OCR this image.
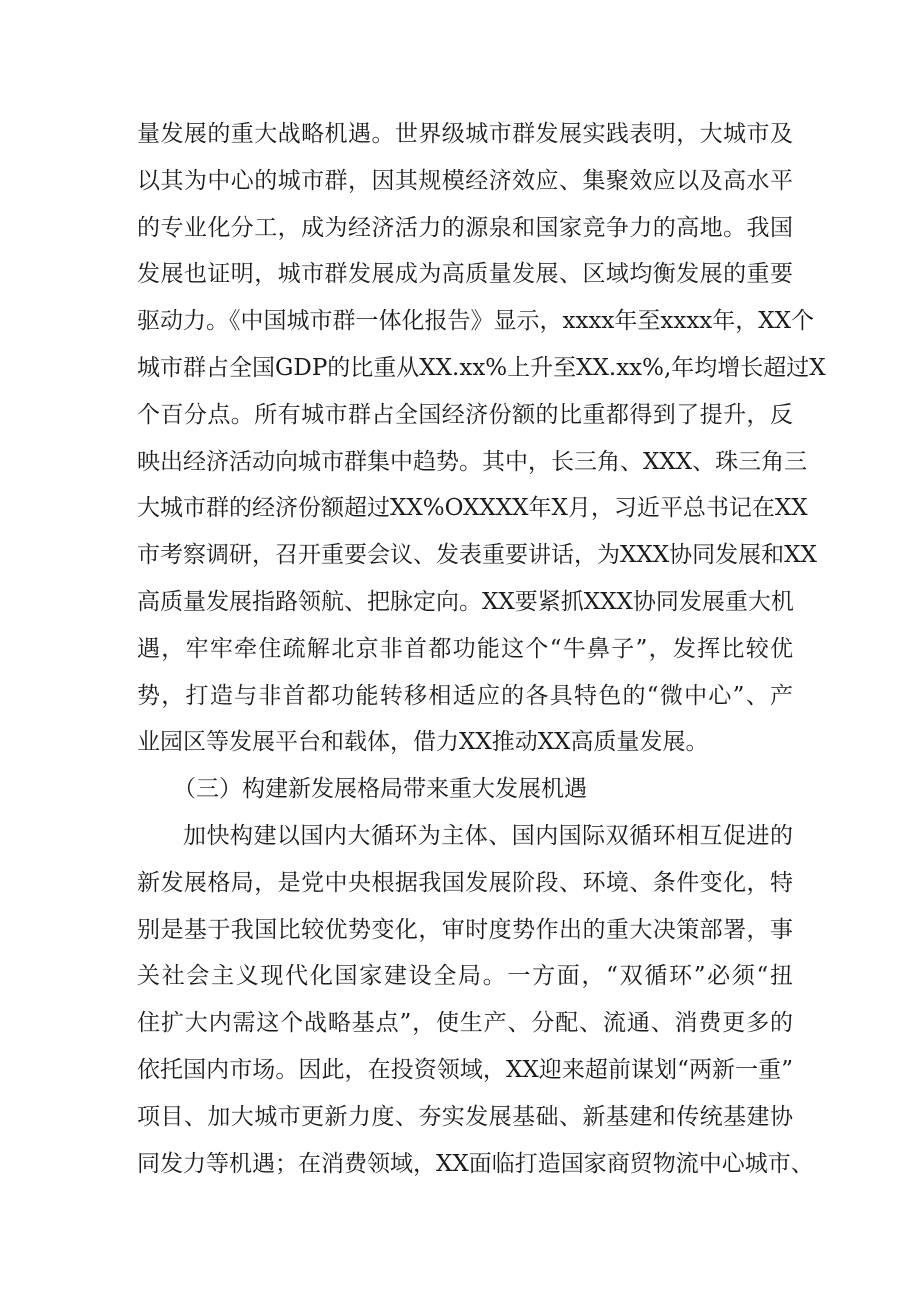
量发展的重大战略机遇。世界级城市群发展实践表明，大城市及
以其为中心的城市群，因其规模经济效应、集聚效应以及高水平
的专业化分工，成为经济活力的源泉和国家竞争力的高地。我国
发展也证明，城市群发展成为高质量发展、区域均衡发展的重要
驱动力。《中国城市群一体化报告》显示，xxxx年至xxxx年，XX个
城市群占全国GDP的比重从XX.xx%上升至XX.xx%,年均增长超过X
个百分点。所有城市群占全国经济份额的比重都得到了提升，反
映出经济活动向城市群集中趋势。其中，长三角、XXX、珠三角三
大城市群的经济份额超过XX%OXXXX年X月，习近平总书记在XX
市考察调研，召开重要会议、发表重要讲话，为XXX协同发展和XX
高质量发展指路领航、把脉定向。XX要紧抓XXX协同发展重大机
遇，牢牢牵住疏解北京非首都功能这个“牛鼻子”，发挥比较优
势，打造与非首都功能转移相适应的各具特色的“微中心”、产
业园区等发展平台和载体，借力XX推动XX高质量发展。
（三）构建新发展格局带来重大发展机遇
加快构建以国内大循环为主体、国内国际双循环相互促进的
新发展格局，是党中央根据我国发展阶段、环境、条件变化，特
别是基于我国比较优势变化，审时度势作出的重大决策部署，事
关社会主义现代化国家建设全局。一方面，“双循环”必须“扭
住扩大内需这个战略基点”，使生产、分配、流通、消费更多的
依托国内市场。因此，在投资领域，XX迎来超前谋划“两新一重”
项目、加大城市更新力度、夯实发展基础、新基建和传统基建协
同发力等机遇；在消费领域，XX面临打造国家商贸物流中心城市、
